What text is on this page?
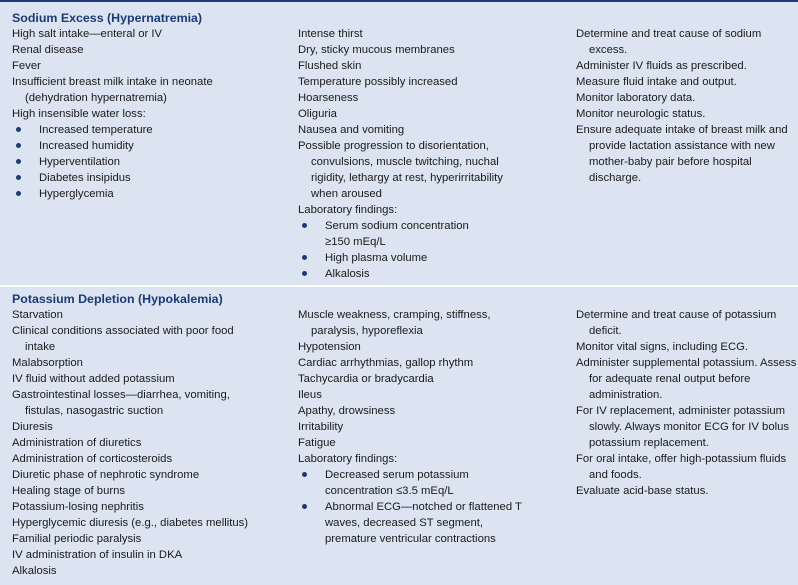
Sodium Excess (Hypernatremia)
High salt intake—enteral or IV
Renal disease
Fever
Insufficient breast milk intake in neonate
(dehydration hypernatremia)
High insensible water loss:
Increased temperature
Increased humidity
Hyperventilation
Diabetes insipidus
Hyperglycemia
Intense thirst
Dry, sticky mucous membranes
Flushed skin
Temperature possibly increased
Hoarseness
Oliguria
Nausea and vomiting
Possible progression to disorientation,
convulsions, muscle twitching, nuchal
rigidity, lethargy at rest, hyperirritability
when aroused
Laboratory findings:
Serum sodium concentration
≥150 mEq/L
High plasma volume
Alkalosis
Determine and treat cause of sodium
excess.
Administer IV fluids as prescribed.
Measure fluid intake and output.
Monitor laboratory data.
Monitor neurologic status.
Ensure adequate intake of breast milk and
provide lactation assistance with new
mother-baby pair before hospital
discharge.
Potassium Depletion (Hypokalemia)
Starvation
Clinical conditions associated with poor food
intake
Malabsorption
IV fluid without added potassium
Gastrointestinal losses—diarrhea, vomiting,
fistulas, nasogastric suction
Diuresis
Administration of diuretics
Administration of corticosteroids
Diuretic phase of nephrotic syndrome
Healing stage of burns
Potassium-losing nephritis
Hyperglycemic diuresis (e.g., diabetes mellitus)
Familial periodic paralysis
IV administration of insulin in DKA
Alkalosis
Muscle weakness, cramping, stiffness,
paralysis, hyporeflexia
Hypotension
Cardiac arrhythmias, gallop rhythm
Tachycardia or bradycardia
Ileus
Apathy, drowsiness
Irritability
Fatigue
Laboratory findings:
Decreased serum potassium
concentration ≤3.5 mEq/L
Abnormal ECG—notched or flattened T
waves, decreased ST segment,
premature ventricular contractions
Determine and treat cause of potassium
deficit.
Monitor vital signs, including ECG.
Administer supplemental potassium. Assess
for adequate renal output before
administration.
For IV replacement, administer potassium
slowly. Always monitor ECG for IV bolus
potassium replacement.
For oral intake, offer high-potassium fluids
and foods.
Evaluate acid-base status.
